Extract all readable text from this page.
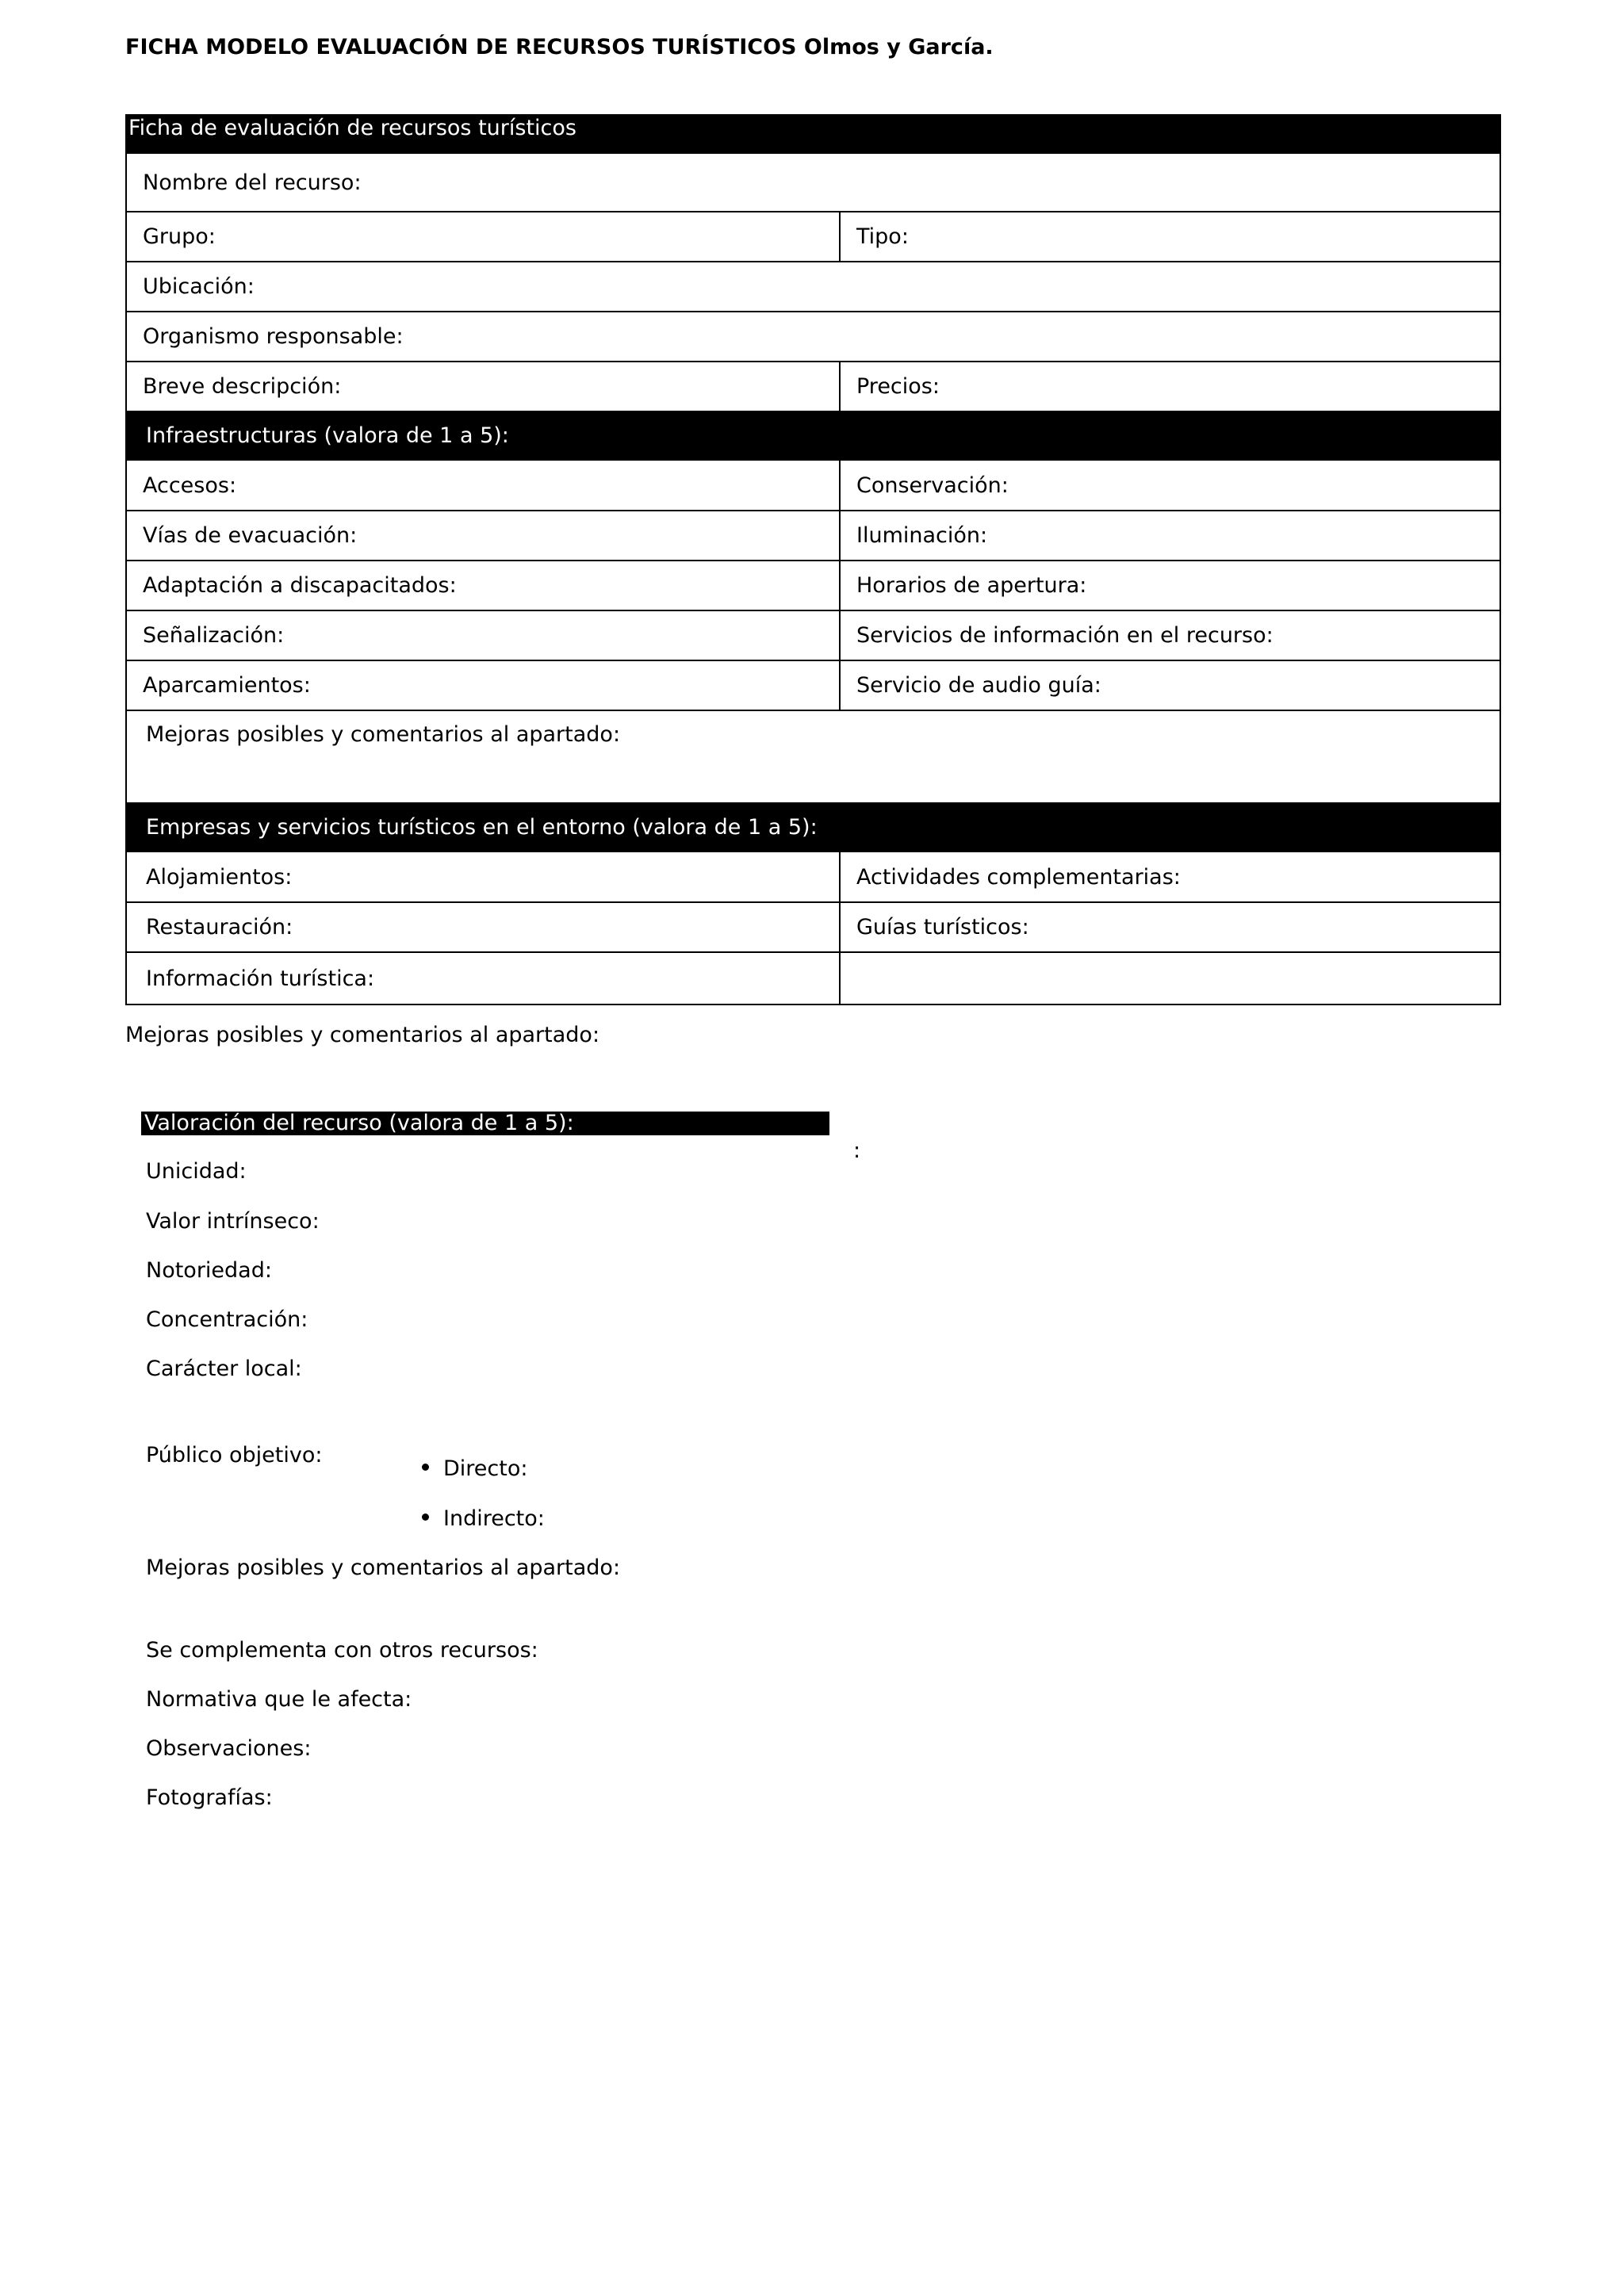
FICHA MODELO EVALUACIÓN DE RECURSOS TURÍSTICOS Olmos y García.
Ficha de evaluación de recursos turísticos	
Nombre del recurso:	
Grupo:	Tipo:
Ubicación:	
Organismo responsable:	
Breve descripción:	Precios:
Infraestructuras (valora de 1 a 5):	
Accesos:	Conservación:
Vías de evacuación:	Iluminación:
Adaptación a discapacitados:	Horarios de apertura:
Señalización:	Servicios de información en el recurso:
Aparcamientos:	Servicio de audio guía:
Mejoras posibles y comentarios al apartado:	
Empresas y servicios turísticos en el entorno (valora de 1 a 5):	
Alojamientos:	Actividades complementarias:
Restauración:	Guías turísticos:
Información turística:	
Mejoras posibles y comentarios al apartado:
Valoración del recurso (valora de 1 a 5):
:
Unicidad:
Valor intrínseco:
Notoriedad:
Concentración:
Carácter local:
Público objetivo:
Directo:
Indirecto:
Mejoras posibles y comentarios al apartado:
Se complementa con otros recursos:
Normativa que le afecta:
Observaciones:
Fotografías:
